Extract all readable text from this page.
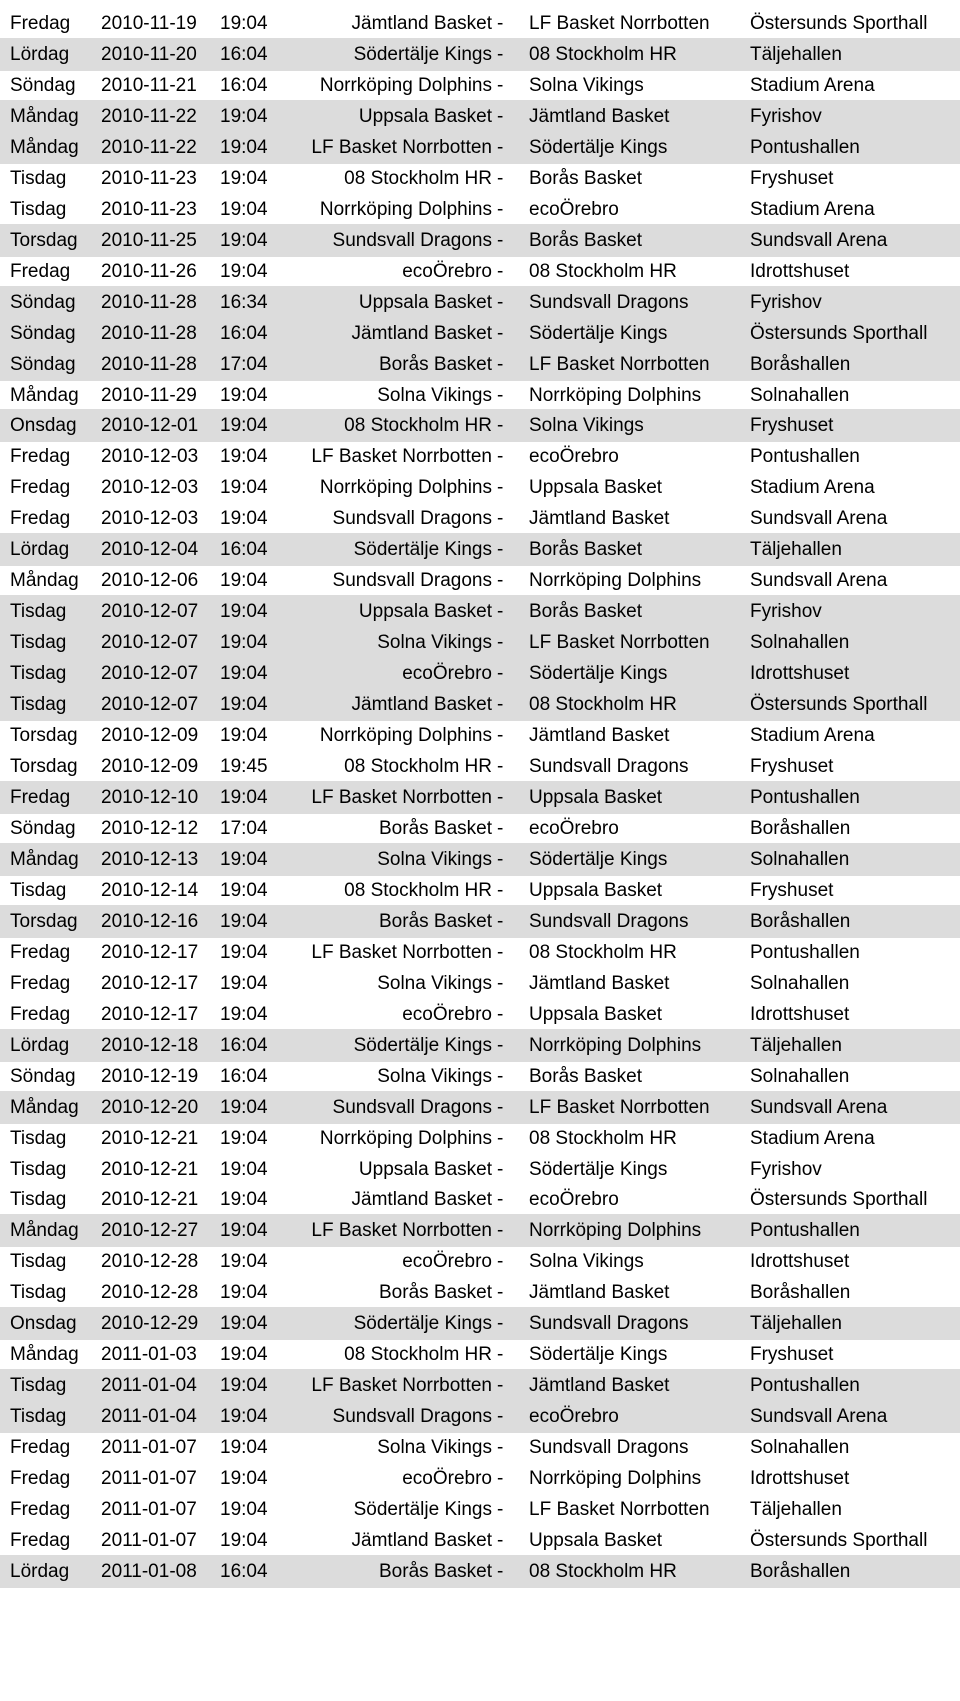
Fredag	2010-11-19	19:04	Jämtland Basket -	LF Basket Norrbotten	Östersunds Sporthall
Lördag	2010-11-20	16:04	Södertälje Kings -	08 Stockholm HR	Täljehallen
Söndag	2010-11-21	16:04	Norrköping Dolphins -	Solna Vikings	Stadium Arena
Måndag	2010-11-22	19:04	Uppsala Basket -	Jämtland Basket	Fyrishov
Måndag	2010-11-22	19:04	LF Basket Norrbotten -	Södertälje Kings	Pontushallen
Tisdag	2010-11-23	19:04	08 Stockholm HR -	Borås Basket	Fryshuset
Tisdag	2010-11-23	19:04	Norrköping Dolphins -	ecoÖrebro	Stadium Arena
Torsdag	2010-11-25	19:04	Sundsvall Dragons -	Borås Basket	Sundsvall Arena
Fredag	2010-11-26	19:04	ecoÖrebro -	08 Stockholm HR	Idrottshuset
Söndag	2010-11-28	16:34	Uppsala Basket -	Sundsvall Dragons	Fyrishov
Söndag	2010-11-28	16:04	Jämtland Basket -	Södertälje Kings	Östersunds Sporthall
Söndag	2010-11-28	17:04	Borås Basket -	LF Basket Norrbotten	Boråshallen
Måndag	2010-11-29	19:04	Solna Vikings -	Norrköping Dolphins	Solnahallen
Onsdag	2010-12-01	19:04	08 Stockholm HR -	Solna Vikings	Fryshuset
Fredag	2010-12-03	19:04	LF Basket Norrbotten -	ecoÖrebro	Pontushallen
Fredag	2010-12-03	19:04	Norrköping Dolphins -	Uppsala Basket	Stadium Arena
Fredag	2010-12-03	19:04	Sundsvall Dragons -	Jämtland Basket	Sundsvall Arena
Lördag	2010-12-04	16:04	Södertälje Kings -	Borås Basket	Täljehallen
Måndag	2010-12-06	19:04	Sundsvall Dragons -	Norrköping Dolphins	Sundsvall Arena
Tisdag	2010-12-07	19:04	Uppsala Basket -	Borås Basket	Fyrishov
Tisdag	2010-12-07	19:04	Solna Vikings -	LF Basket Norrbotten	Solnahallen
Tisdag	2010-12-07	19:04	ecoÖrebro -	Södertälje Kings	Idrottshuset
Tisdag	2010-12-07	19:04	Jämtland Basket -	08 Stockholm HR	Östersunds Sporthall
Torsdag	2010-12-09	19:04	Norrköping Dolphins -	Jämtland Basket	Stadium Arena
Torsdag	2010-12-09	19:45	08 Stockholm HR -	Sundsvall Dragons	Fryshuset
Fredag	2010-12-10	19:04	LF Basket Norrbotten -	Uppsala Basket	Pontushallen
Söndag	2010-12-12	17:04	Borås Basket -	ecoÖrebro	Boråshallen
Måndag	2010-12-13	19:04	Solna Vikings -	Södertälje Kings	Solnahallen
Tisdag	2010-12-14	19:04	08 Stockholm HR -	Uppsala Basket	Fryshuset
Torsdag	2010-12-16	19:04	Borås Basket -	Sundsvall Dragons	Boråshallen
Fredag	2010-12-17	19:04	LF Basket Norrbotten -	08 Stockholm HR	Pontushallen
Fredag	2010-12-17	19:04	Solna Vikings -	Jämtland Basket	Solnahallen
Fredag	2010-12-17	19:04	ecoÖrebro -	Uppsala Basket	Idrottshuset
Lördag	2010-12-18	16:04	Södertälje Kings -	Norrköping Dolphins	Täljehallen
Söndag	2010-12-19	16:04	Solna Vikings -	Borås Basket	Solnahallen
Måndag	2010-12-20	19:04	Sundsvall Dragons -	LF Basket Norrbotten	Sundsvall Arena
Tisdag	2010-12-21	19:04	Norrköping Dolphins -	08 Stockholm HR	Stadium Arena
Tisdag	2010-12-21	19:04	Uppsala Basket -	Södertälje Kings	Fyrishov
Tisdag	2010-12-21	19:04	Jämtland Basket -	ecoÖrebro	Östersunds Sporthall
Måndag	2010-12-27	19:04	LF Basket Norrbotten -	Norrköping Dolphins	Pontushallen
Tisdag	2010-12-28	19:04	ecoÖrebro -	Solna Vikings	Idrottshuset
Tisdag	2010-12-28	19:04	Borås Basket -	Jämtland Basket	Boråshallen
Onsdag	2010-12-29	19:04	Södertälje Kings -	Sundsvall Dragons	Täljehallen
Måndag	2011-01-03	19:04	08 Stockholm HR -	Södertälje Kings	Fryshuset
Tisdag	2011-01-04	19:04	LF Basket Norrbotten -	Jämtland Basket	Pontushallen
Tisdag	2011-01-04	19:04	Sundsvall Dragons -	ecoÖrebro	Sundsvall Arena
Fredag	2011-01-07	19:04	Solna Vikings -	Sundsvall Dragons	Solnahallen
Fredag	2011-01-07	19:04	ecoÖrebro -	Norrköping Dolphins	Idrottshuset
Fredag	2011-01-07	19:04	Södertälje Kings -	LF Basket Norrbotten	Täljehallen
Fredag	2011-01-07	19:04	Jämtland Basket -	Uppsala Basket	Östersunds Sporthall
Lördag	2011-01-08	16:04	Borås Basket -	08 Stockholm HR	Boråshallen
